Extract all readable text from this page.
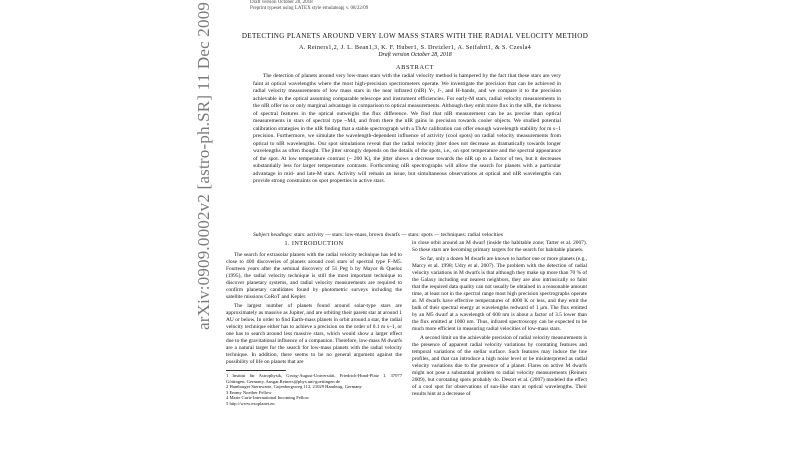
arXiv:0909.0002v2 [astro-ph.SR] 11 Dec 2009	Draft version October 28, 2018
Preprint typeset using LATEX style emulateapj v. 08/22/09
DETECTING PLANETS AROUND VERY LOW MASS STARS WITH THE RADIAL VELOCITY METHOD
A. Reiners1,2, J. L. Bean1,3, K. F. Huber1, S. Dreizler1, A. Seifahrt1, & S. Czesla4
Draft version October 28, 2018
ABSTRACT
The detection of planets around very low-mass stars with the radial velocity method is hampered by the fact that these stars are very faint at optical wavelengths where the most high-precision spectrometers operate. We investigate the precision that can be achieved in radial velocity measurements of low mass stars in the near infrared (nIR) Y-, J-, and H-bands, and we compare it to the precision achievable in the optical assuming comparable telescope and instrument efficiencies. For early-M stars, radial velocity measurements in the nIR offer no or only marginal advantage in comparison to optical measurements. Although they emit more flux in the nIR, the richness of spectral features in the optical outweighs the flux difference. We find that nIR measurement can be as precise than optical measurements in stars of spectral type ~M4, and from there the nIR gains in precision towards cooler objects. We studied potential calibration strategies in the nIR finding that a stable spectrograph with a ThAr calibration can offer enough wavelength stability for m s−1 precision. Furthermore, we simulate the wavelength-dependent influence of activity (cool spots) on radial velocity measurements from optical to nIR wavelengths. Our spot simulations reveal that the radial velocity jitter does not decrease as dramatically towards longer wavelengths as often thought. The jitter strongly depends on the details of the spots, i.e., on spot temperature and the spectral appearance of the spot. At low temperature contrast (~ 200 K), the jitter shows a decrease towards the nIR up to a factor of ten, but it decreases substantially less for larger temperature contrasts. Forthcoming nIR spectrographs will allow the search for planets with a particular advantage in mid- and late-M stars. Activity will remain an issue, but simultaneous observations at optical and nIR wavelengths can provide strong constraints on spot properties in active stars.
Subject headings: stars: activity — stars: low-mass, brown dwarfs — stars: spots — techniques: radial velocities
1. INTRODUCTION

The search for extrasolar planets with the radial velocity technique has led to close to 400 discoveries of planets around cool stars of spectral type F–M5. Fourteen years after the seminal discovery of 51 Peg b by Mayor & Queloz (1995), the radial velocity technique is still the most important technique to discover planetary systems, and radial velocity measurements are required to confirm planetary candidates found by photometric surveys including the satellite missions CoRoT and Kepler.

The largest number of planets found around solar-type stars are approximately as massive as Jupiter, and are orbiting their parent star at around 1 AU or below. In order to find Earth-mass planets in orbit around a star, the radial velocity technique either has to achieve a precision on the order of 0.1 m s−1, or one has to search around less massive stars, which would show a larger effect due to the gravitational influence of a companion. Therefore, low-mass M dwarfs are a natural target for the search for low-mass planets with the radial velocity technique. In addition, there seems to be no general argument against the possibility of life on planets that are

1 Institut für Astrophysik, Georg-August-Universität, Friedrich-Hund-Platz 1, 37077 Göttingen, Germany, Ansgar.Reiners@phys.uni-goettingen.de

2 Hamburger Sternwarte, Gojenbergsweg 112, 21029 Hamburg, Germany

3 Emmy Noether Fellow

4 Marie Curie International Incoming Fellow

5 http://www.exoplanet.eu

in close orbit around an M dwarf (inside the habitable zone; Tarter et al. 2007). So these stars are becoming primary targets for the search for habitable planets.

So far, only a dozen M dwarfs are known to harbor one or more planets (e.g., Marcy et al. 1998; Udry et al. 2007). The problem with the detection of radial velocity variations in M dwarfs is that although they make up more than 70 % of the Galaxy including our nearest neighbors, they are also intrinsically so faint that the required data quality can not usually be obtained in a reasonable amount time, at least not in the spectral range most high precision spectrographs operate at. M dwarfs have effective temperatures of 4000 K or less, and they emit the bulk of their spectral energy at wavelengths redward of 1 μm. The flux emitted by an M5 dwarf at a wavelength of 600 nm is about a factor of 3.5 lower than the flux emitted at 1000 nm. Thus, infrared spectroscopy can be expected to be much more efficient in measuring radial velocities of low-mass stars.

A second limit on the achievable precision of radial velocity measurements is the presence of apparent radial velocity variations by corotating features and temporal variations of the stellar surface. Such features may induce the line profiles, and that can introduce a high noise level or be misinterpreted as radial velocity variations due to the presence of a planet. Flares on active M dwarfs might not pose a substantial problem to radial velocity measurements (Reiners 2009), but corotating spots probably do. Desort et al. (2007) modeled the effect of a cool spot for observations of sun-like stars at optical wavelengths. Their results hint at a decrease of
